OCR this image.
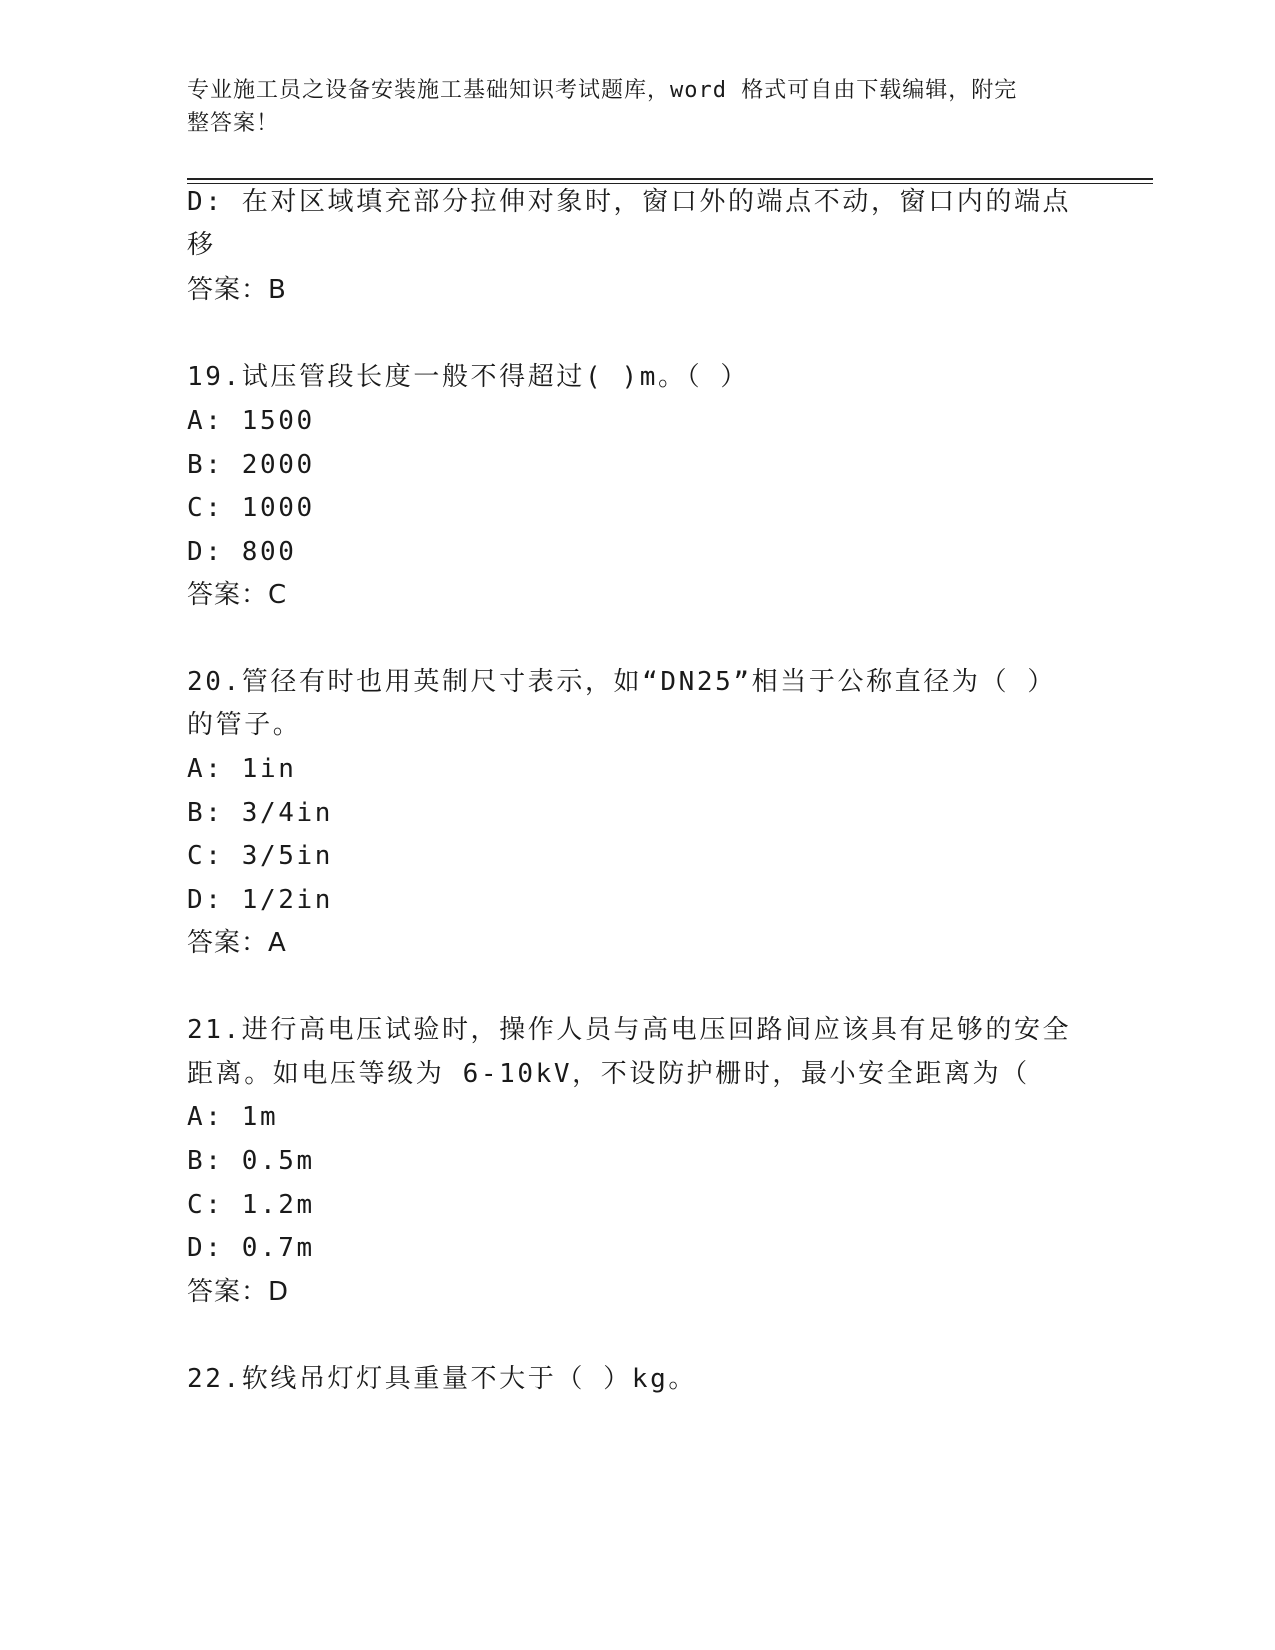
专业施工员之设备安装施工基础知识考试题库，word 格式可自由下载编辑，附完
整答案！
D: 在对区域填充部分拉伸对象时，窗口外的端点不动，窗口内的端点
移
答案：B
19.试压管段长度一般不得超过( )m。（ ）
A: 1500
B: 2000
C: 1000
D: 800
答案：C
20.管径有时也用英制尺寸表示，如“DN25”相当于公称直径为（ ）
的管子。
A: 1in
B: 3/4in
C: 3/5in
D: 1/2in
答案：A
21.进行高电压试验时，操作人员与高电压回路间应该具有足够的安全
距离。如电压等级为 6-10kV，不设防护栅时，最小安全距离为（
A: 1m
B: 0.5m
C: 1.2m
D: 0.7m
答案：D
22.软线吊灯灯具重量不大于（ ）kg。
